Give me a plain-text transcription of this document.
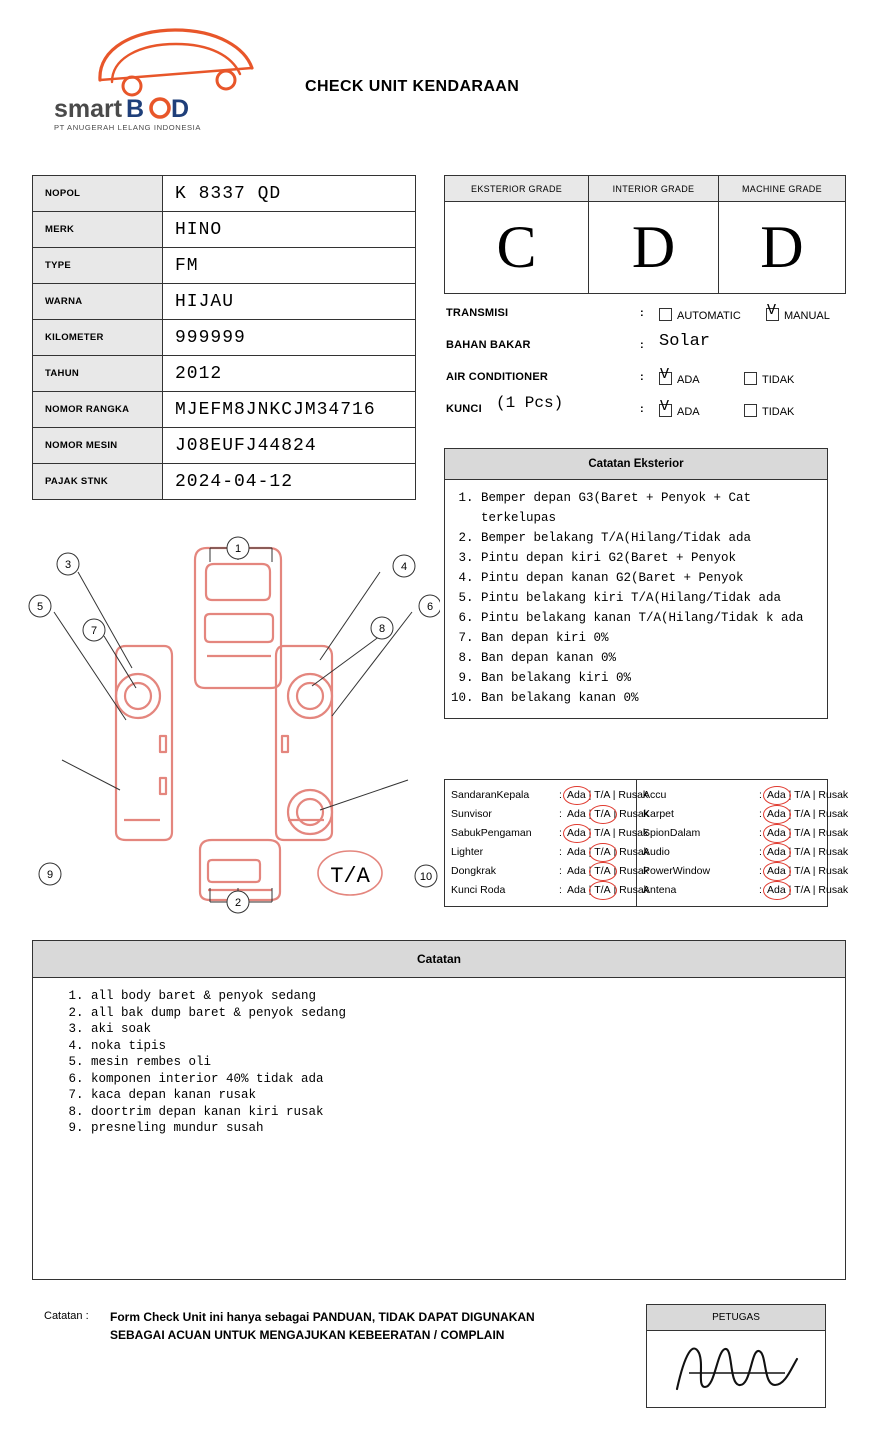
smart B D
PT ANUGERAH LELANG INDONESIA
CHECK UNIT KENDARAAN
NOPOL	K 8337 QD
MERK	HINO
TYPE	FM
WARNA	HIJAU
KILOMETER	999999
TAHUN	2012
NOMOR RANGKA	MJEFM8JNKCJM34716
NOMOR MESIN	J08EUFJ44824
PAJAK STNK	2024-04-12
EKSTERIOR GRADE	INTERIOR GRADE	MACHINE GRADE
C	D	D
TRANSMISI	:	AUTOMATIC V	MANUAL
BAHAN BAKAR	: Solar
AIR CONDITIONER	: V	ADA	TIDAK
KUNCI (1 Pcs)	: V	ADA	TIDAK
Catatan Eksterior
1. Bemper depan G3(Baret + Penyok + Cat terkelupas
2. Bemper belakang T/A(Hilang/Tidak ada
3. Pintu depan kiri G2(Baret + Penyok
4. Pintu depan kanan G2(Baret + Penyok
5. Pintu belakang kiri T/A(Hilang/Tidak ada
6. Pintu belakang kanan T/A(Hilang/Tidak k ada
7. Ban depan kiri 0%
8. Ban depan kanan 0%
9. Ban belakang kiri 0%
10. Ban belakang kanan 0%
SandaranKepala	: Ada | T/A | Rusak
Sunvisor	: Ada | T/A | Rusak
SabukPengaman	: Ada | T/A | Rusak
Lighter	: Ada | T/A | Rusak
Dongkrak	: Ada | T/A | Rusak
Kunci Roda	: Ada | T/A | Rusak
Accu	: Ada | T/A | Rusak
Karpet	: Ada | T/A | Rusak
SpionDalam	: Ada | T/A | Rusak
Audio	: Ada | T/A | Rusak
PowerWindow	: Ada | T/A | Rusak
Antena	: Ada | T/A | Rusak
1
2
3	4
5	6
7	8
9	10
T/A
Catatan
1. all body baret & penyok sedang
2. all bak dump baret & penyok sedang
3. aki soak
4. noka tipis
5. mesin rembes oli
6. komponen interior 40% tidak ada
7. kaca depan kanan rusak
8. doortrim depan kanan kiri rusak
9. presneling mundur susah
Catatan : Form Check Unit ini hanya sebagai PANDUAN, TIDAK DAPAT DIGUNAKAN SEBAGAI ACUAN UNTUK MENGAJUKAN KEBEERATAN / COMPLAIN
PETUGAS
